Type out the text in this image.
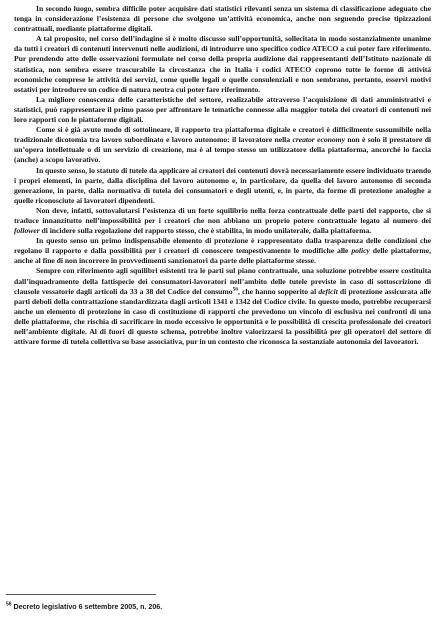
In secondo luogo, sembra difficile poter acquisire dati statistici rilevanti senza un sistema di classificazione adeguato che tenga in considerazione l’esistenza di persone che svolgono un’attività economica, anche non seguendo precise tipizzazioni contrattuali, mediante piattaforme digitali.

A tal proposito, nel corso dell’indagine si è molto discusso sull’opportunità, sollecitata in modo sostanzialmente unanime da tutti i creatori di contenuti intervenuti nelle audizioni, di introdurre uno specifico codice ATECO a cui poter fare riferimento. Pur prendendo atto delle osservazioni formulate nel corso della propria audizione dai rappresentanti dell’Istituto nazionale di statistica, non sembra essere trascurabile la circostanza che in Italia i codici ATECO coprono tutte le forme di attività economiche comprese le attività dei servizi, come quelle legali o quelle consulenziali e non sembrano, pertanto, esservi motivi ostativi per introdurre un codice di natura neutra cui poter fare riferimento.

La migliore conoscenza delle caratteristiche del settore, realizzabile attraverso l’acquisizione di dati amministrativi e statistici, può rappresentare il primo passo per affrontare le tematiche connesse alla maggior tutela dei creatori di contenuti nei loro rapporti con le piattaforme digitali.

Come si è già avuto modo di sottolineare, il rapporto tra piattaforma digitale e creatori è difficilmente sussumibile nella tradizionale dicotomia tra lavoro subordinato e lavoro autonomo: il lavoratore nella creator economy non è solo il prestatore di un’opera intellettuale o di un servizio di creazione, ma è al tempo stesso un utilizzatore della piattaforma, ancorché lo faccia (anche) a scopo lavorativo.

In questo senso, lo statuto di tutele da applicare ai creatori dei contenuti dovrà necessariamente essere individuato traendo i propri elementi, in parte, dalla disciplina del lavoro autonomo e, in particolare, da quella del lavoro autonomo di seconda generazione, in parte, dalla normativa di tutela dei consumatori e degli utenti, e, in parte, da forme di protezione analoghe a quelle riconosciute ai lavoratori dipendenti.

Non deve, infatti, sottovalutarsi l’esistenza di un forte squilibrio nella forza contrattuale delle parti del rapporto, che si traduce innanzitutto nell’impossibilità per i creatori che non abbiano un proprio potere contrattuale legato al numero dei follower di incidere sulla regolazione del rapporto stesso, che è stabilita, in modo unilaterale, dalla piattaforma.

In questo senso un primo indispensabile elemento di protezione è rappresentato dalla trasparenza delle condizioni che regolano il rapporto e dalla possibilità per i creatori di conoscere tempestivamente le modifiche alle policy delle piattaforme, anche al fine di non incorrere in provvedimenti sanzionatori da parte delle piattaforme stesse.

Sempre con riferimento agli squilibri esistenti tra le parti sul piano contrattuale, una soluzione potrebbe essere costituita dall’inquadramento della fattispecie dei consumatori-lavoratori nell’ambito delle tutele previste in caso di sottoscrizione di clausole vessatorie dagli articoli da 33 a 38 del Codice del consumo$^{56}$, che hanno sopperito al deficit di protezione assicurata alle parti deboli della contrattazione standardizzata dagli articoli 1341 e 1342 del Codice civile. In questo modo, potrebbe recuperarsi anche un elemento di protezione in caso di costituzione di rapporti che prevedono un vincolo di esclusiva nei confronti di una delle piattaforme, che rischia di sacrificare in modo eccessivo le opportunità e le possibilità di crescita professionale dei creatori nell’ambiente digitale. Al di fuori di questo schema, potrebbe inoltre valorizzarsi la possibilità per gli operatori del settore di attivare forme di tutela collettiva su base associativa, pur in un contesto che riconosca la sostanziale autonomia dei lavoratori.

$^{56}$ Decreto legislativo 6 settembre 2005, n. 206.
